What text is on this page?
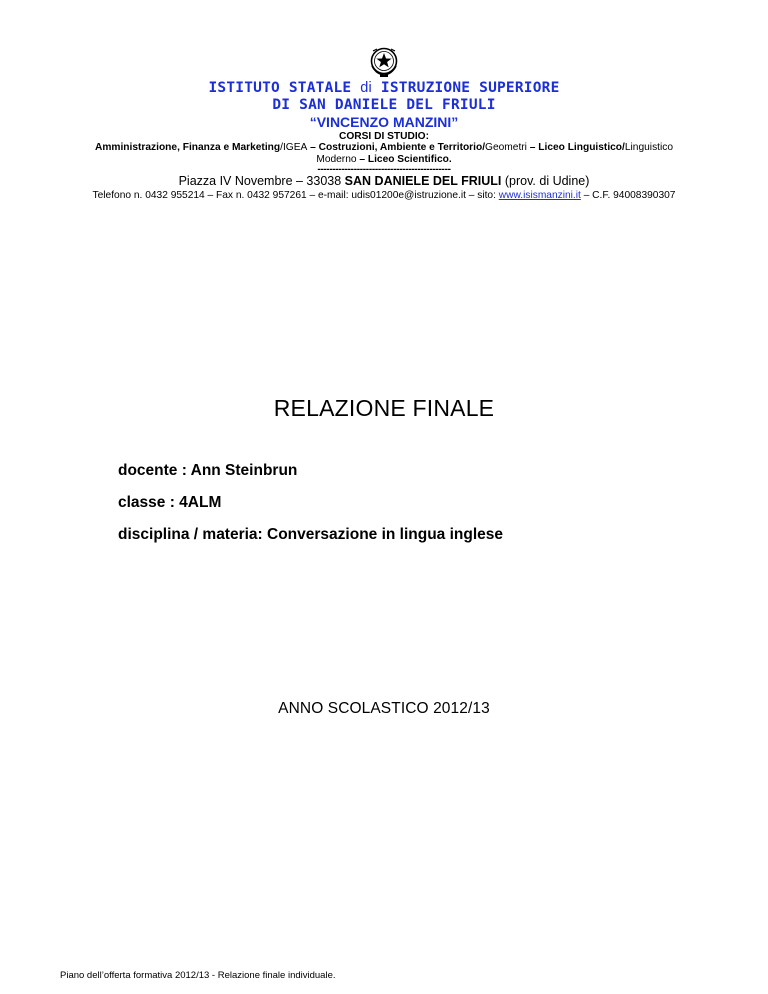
ISTITUTO STATALE di ISTRUZIONE SUPERIORE
DI SAN DANIELE DEL FRIULI
“VINCENZO MANZINI”
CORSI DI STUDIO:
Amministrazione, Finanza e Marketing/IGEA – Costruzioni, Ambiente e Territorio/Geometri – Liceo Linguistico/Linguistico Moderno – Liceo Scientifico.
--------------------------------------------
Piazza IV Novembre – 33038 SAN DANIELE DEL FRIULI (prov. di Udine)
Telefono n. 0432 955214 – Fax n. 0432 957261 – e-mail: udis01200e@istruzione.it – sito: www.isismanzini.it – C.F. 94008390307
RELAZIONE FINALE
docente : Ann Steinbrun
classe : 4ALM
disciplina / materia: Conversazione in lingua inglese
ANNO SCOLASTICO 2012/13
Piano dell’offerta formativa 2012/13 - Relazione finale individuale.
